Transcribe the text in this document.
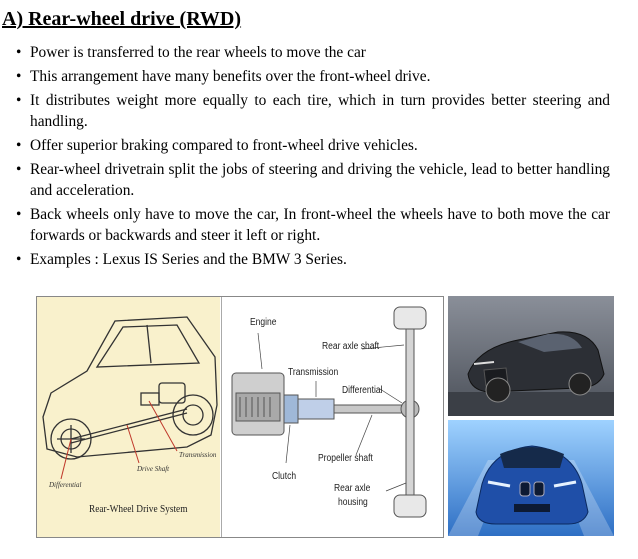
A) Rear-wheel drive (RWD)
• Power is transferred to the rear wheels to move the car
• This arrangement have many benefits over the front-wheel drive.
• It distributes weight more equally to each tire, which in turn provides better steering and handling.
• Offer superior braking compared to front-wheel drive vehicles.
• Rear-wheel drivetrain split the jobs of steering and driving the vehicle, lead to better handling and acceleration.
• Back wheels only have to move the car, In front-wheel the wheels have to both move the car forwards or backwards and steer it left or right.
• Examples : Lexus IS Series and the BMW 3 Series.
Transmission
Drive Shaft
Differential
Rear-Wheel Drive System
Engine
Rear axle shaft
Transmission
Differential
Propeller shaft
Clutch
Rear axle
housing
